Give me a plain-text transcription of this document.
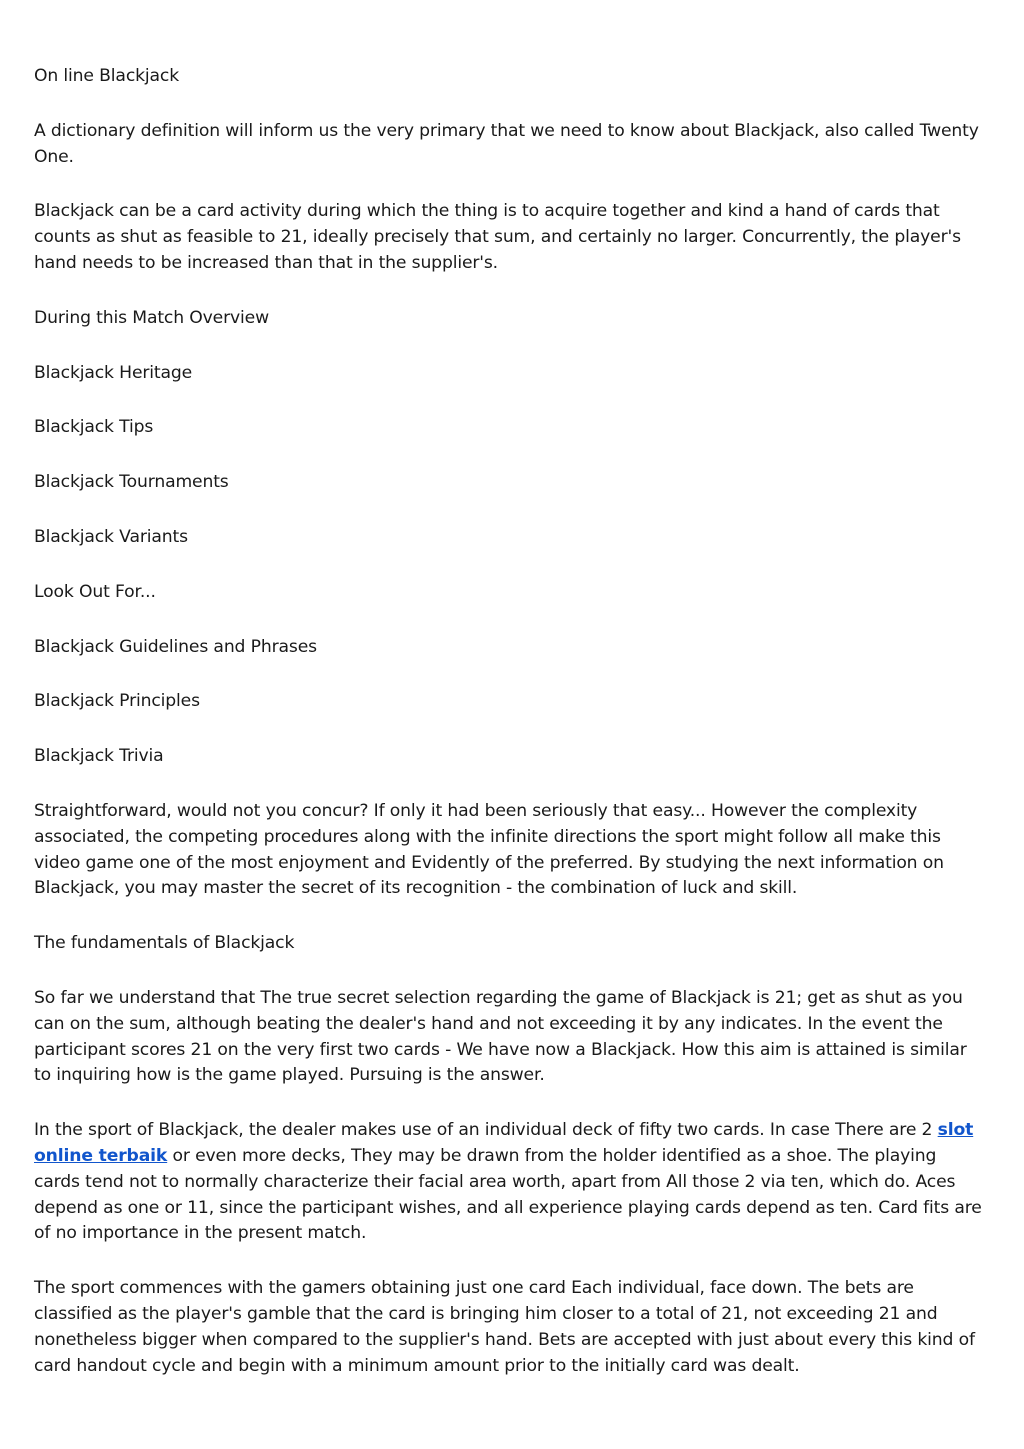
On line Blackjack

A dictionary definition will inform us the very primary that we need to know about Blackjack, also called Twenty One.

Blackjack can be a card activity during which the thing is to acquire together and kind a hand of cards that counts as shut as feasible to 21, ideally precisely that sum, and certainly no larger. Concurrently, the player's hand needs to be increased than that in the supplier's.

During this Match Overview

Blackjack Heritage

Blackjack Tips

Blackjack Tournaments

Blackjack Variants

Look Out For...

Blackjack Guidelines and Phrases

Blackjack Principles

Blackjack Trivia

Straightforward, would not you concur? If only it had been seriously that easy... However the complexity associated, the competing procedures along with the infinite directions the sport might follow all make this video game one of the most enjoyment and Evidently of the preferred. By studying the next information on Blackjack, you may master the secret of its recognition - the combination of luck and skill.

The fundamentals of Blackjack

So far we understand that The true secret selection regarding the game of Blackjack is 21; get as shut as you can on the sum, although beating the dealer's hand and not exceeding it by any indicates. In the event the participant scores 21 on the very first two cards - We have now a Blackjack. How this aim is attained is similar to inquiring how is the game played. Pursuing is the answer.

In the sport of Blackjack, the dealer makes use of an individual deck of fifty two cards. In case There are 2 slot online terbaik or even more decks, They may be drawn from the holder identified as a shoe. The playing cards tend not to normally characterize their facial area worth, apart from All those 2 via ten, which do. Aces depend as one or 11, since the participant wishes, and all experience playing cards depend as ten. Card fits are of no importance in the present match.

The sport commences with the gamers obtaining just one card Each individual, face down. The bets are classified as the player's gamble that the card is bringing him closer to a total of 21, not exceeding 21 and nonetheless bigger when compared to the supplier's hand. Bets are accepted with just about every this kind of card handout cycle and begin with a minimum amount prior to the initially card was dealt.
